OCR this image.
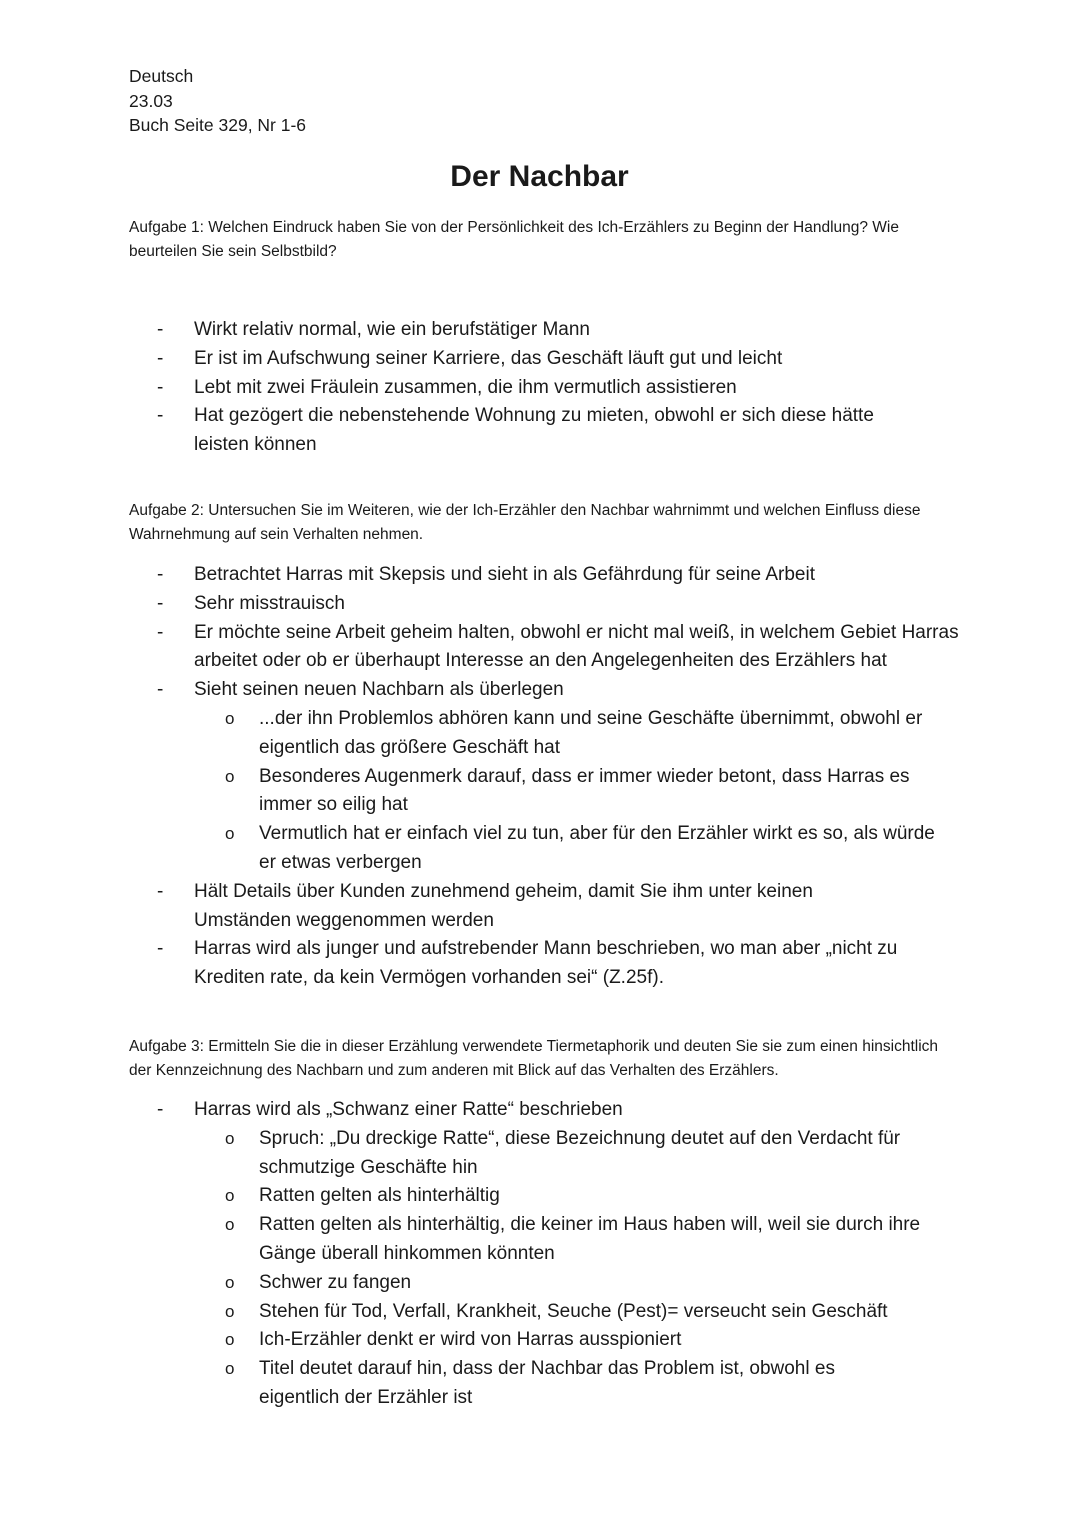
Deutsch
23.03
Buch Seite 329, Nr 1-6
Der Nachbar
Aufgabe 1: Welchen Eindruck haben Sie von der Persönlichkeit des Ich-Erzählers zu Beginn der Handlung? Wie beurteilen Sie sein Selbstbild?
- Wirkt relativ normal, wie ein berufstätiger Mann
- Er ist im Aufschwung seiner Karriere, das Geschäft läuft gut und leicht
- Lebt mit zwei Fräulein zusammen, die ihm vermutlich assistieren
- Hat gezögert die nebenstehende Wohnung zu mieten, obwohl er sich diese hätte leisten können
Aufgabe 2: Untersuchen Sie im Weiteren, wie der Ich-Erzähler den Nachbar wahrnimmt und welchen Einfluss diese Wahrnehmung auf sein Verhalten nehmen.
- Betrachtet Harras mit Skepsis und sieht in als Gefährdung für seine Arbeit
- Sehr misstrauisch
- Er möchte seine Arbeit geheim halten, obwohl er nicht mal weiß, in welchem Gebiet Harras arbeitet oder ob er überhaupt Interesse an den Angelegenheiten des Erzählers hat
- Sieht seinen neuen Nachbarn als überlegen
o ...der ihn Problemlos abhören kann und seine Geschäfte übernimmt, obwohl er eigentlich das größere Geschäft hat
o Besonderes Augenmerk darauf, dass er immer wieder betont, dass Harras es immer so eilig hat
o Vermutlich hat er einfach viel zu tun, aber für den Erzähler wirkt es so, als würde er etwas verbergen
- Hält Details über Kunden zunehmend geheim, damit Sie ihm unter keinen Umständen weggenommen werden
- Harras wird als junger und aufstrebender Mann beschrieben, wo man aber „nicht zu Krediten rate, da kein Vermögen vorhanden sei“ (Z.25f).
Aufgabe 3: Ermitteln Sie die in dieser Erzählung verwendete Tiermetaphorik und deuten Sie sie zum einen hinsichtlich der Kennzeichnung des Nachbarn und zum anderen mit Blick auf das Verhalten des Erzählers.
- Harras wird als „Schwanz einer Ratte“ beschrieben
o Spruch: „Du dreckige Ratte“, diese Bezeichnung deutet auf den Verdacht für schmutzige Geschäfte hin
o Ratten gelten als hinterhältig
o Ratten gelten als hinterhältig, die keiner im Haus haben will, weil sie durch ihre Gänge überall hinkommen könnten
o Schwer zu fangen
o Stehen für Tod, Verfall, Krankheit, Seuche (Pest)= verseucht sein Geschäft
o Ich-Erzähler denkt er wird von Harras ausspioniert
o Titel deutet darauf hin, dass der Nachbar das Problem ist, obwohl es eigentlich der Erzähler ist
